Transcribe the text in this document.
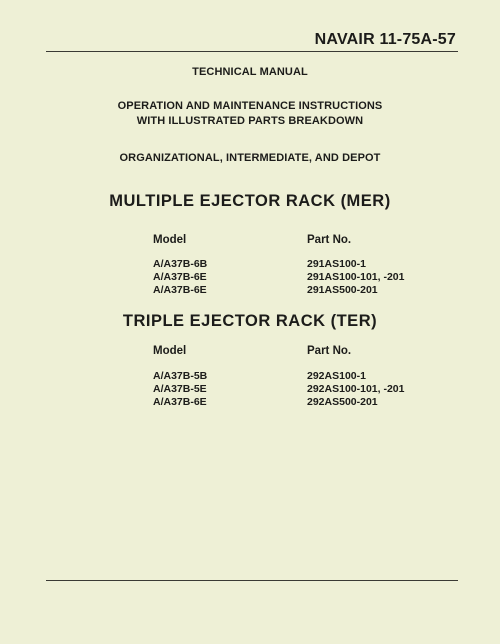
NAVAIR 11-75A-57
TECHNICAL MANUAL
OPERATION AND MAINTENANCE INSTRUCTIONS
WITH ILLUSTRATED PARTS BREAKDOWN
ORGANIZATIONAL, INTERMEDIATE, AND DEPOT
MULTIPLE EJECTOR RACK (MER)
Model	Part No.
A/A37B-6B	291AS100-1
A/A37B-6E	291AS100-101, -201
A/A37B-6E	291AS500-201
TRIPLE EJECTOR RACK (TER)
Model	Part No.
A/A37B-5B	292AS100-1
A/A37B-5E	292AS100-101, -201
A/A37B-6E	292AS500-201
